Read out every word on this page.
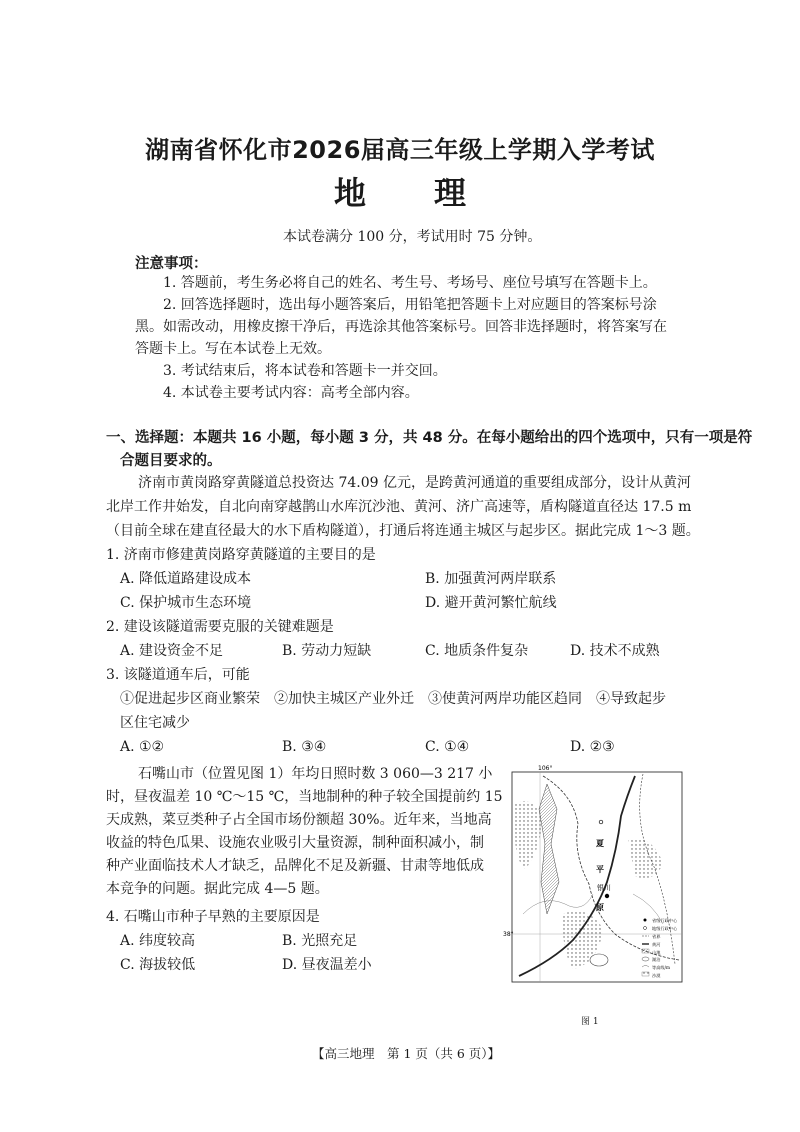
湖南省怀化市2026届高三年级上学期入学考试
地 理
本试卷满分 100 分，考试用时 75 分钟。
注意事项：
1. 答题前，考生务必将自己的姓名、考生号、考场号、座位号填写在答题卡上。
2. 回答选择题时，选出每小题答案后，用铅笔把答题卡上对应题目的答案标号涂
黑。如需改动，用橡皮擦干净后，再选涂其他答案标号。回答非选择题时，将答案写在
答题卡上。写在本试卷上无效。
3. 考试结束后，将本试卷和答题卡一并交回。
4. 本试卷主要考试内容：高考全部内容。
一、选择题：本题共 16 小题，每小题 3 分，共 48 分。在每小题给出的四个选项中，只有一项是符
合题目要求的。
济南市黄岗路穿黄隧道总投资达 74.09 亿元，是跨黄河通道的重要组成部分，设计从黄河
北岸工作井始发，自北向南穿越鹊山水库沉沙池、黄河、济广高速等，盾构隧道直径达 17.5 m
（目前全球在建直径最大的水下盾构隧道），打通后将连通主城区与起步区。据此完成 1～3 题。
1. 济南市修建黄岗路穿黄隧道的主要目的是
A. 降低道路建设成本	B. 加强黄河两岸联系
C. 保护城市生态环境	D. 避开黄河繁忙航线
2. 建设该隧道需要克服的关键难题是
A. 建设资金不足	B. 劳动力短缺	C. 地质条件复杂	D. 技术不成熟
3. 该隧道通车后，可能
①促进起步区商业繁荣　②加快主城区产业外迁　③使黄河两岸功能区趋同　④导致起步
区住宅减少
A. ①②	B. ③④	C. ①④	D. ②③
石嘴山市（位置见图 1）年均日照时数 3 060—3 217 小
时，昼夜温差 10 ℃～15 ℃，当地制种的种子较全国提前约 15
天成熟，菜豆类种子占全国市场份额超 30%。近年来，当地高
收益的特色瓜果、设施农业吸引大量资源，制种面积减小，制
种产业面临技术人才缺乏，品牌化不足及新疆、甘肃等地低成
本竞争的问题。据此完成 4—5 题。
4. 石嘴山市种子早熟的主要原因是
A. 纬度较高	B. 光照充足
C. 海拔较低	D. 昼夜温差小
106°
38°
夏
平
银川
原
省级行政中心
地级行政中心
省界
黄河
山地
湖泊
等高线/m
沙漠
图 1
【高三地理　第 1 页（共 6 页）】
